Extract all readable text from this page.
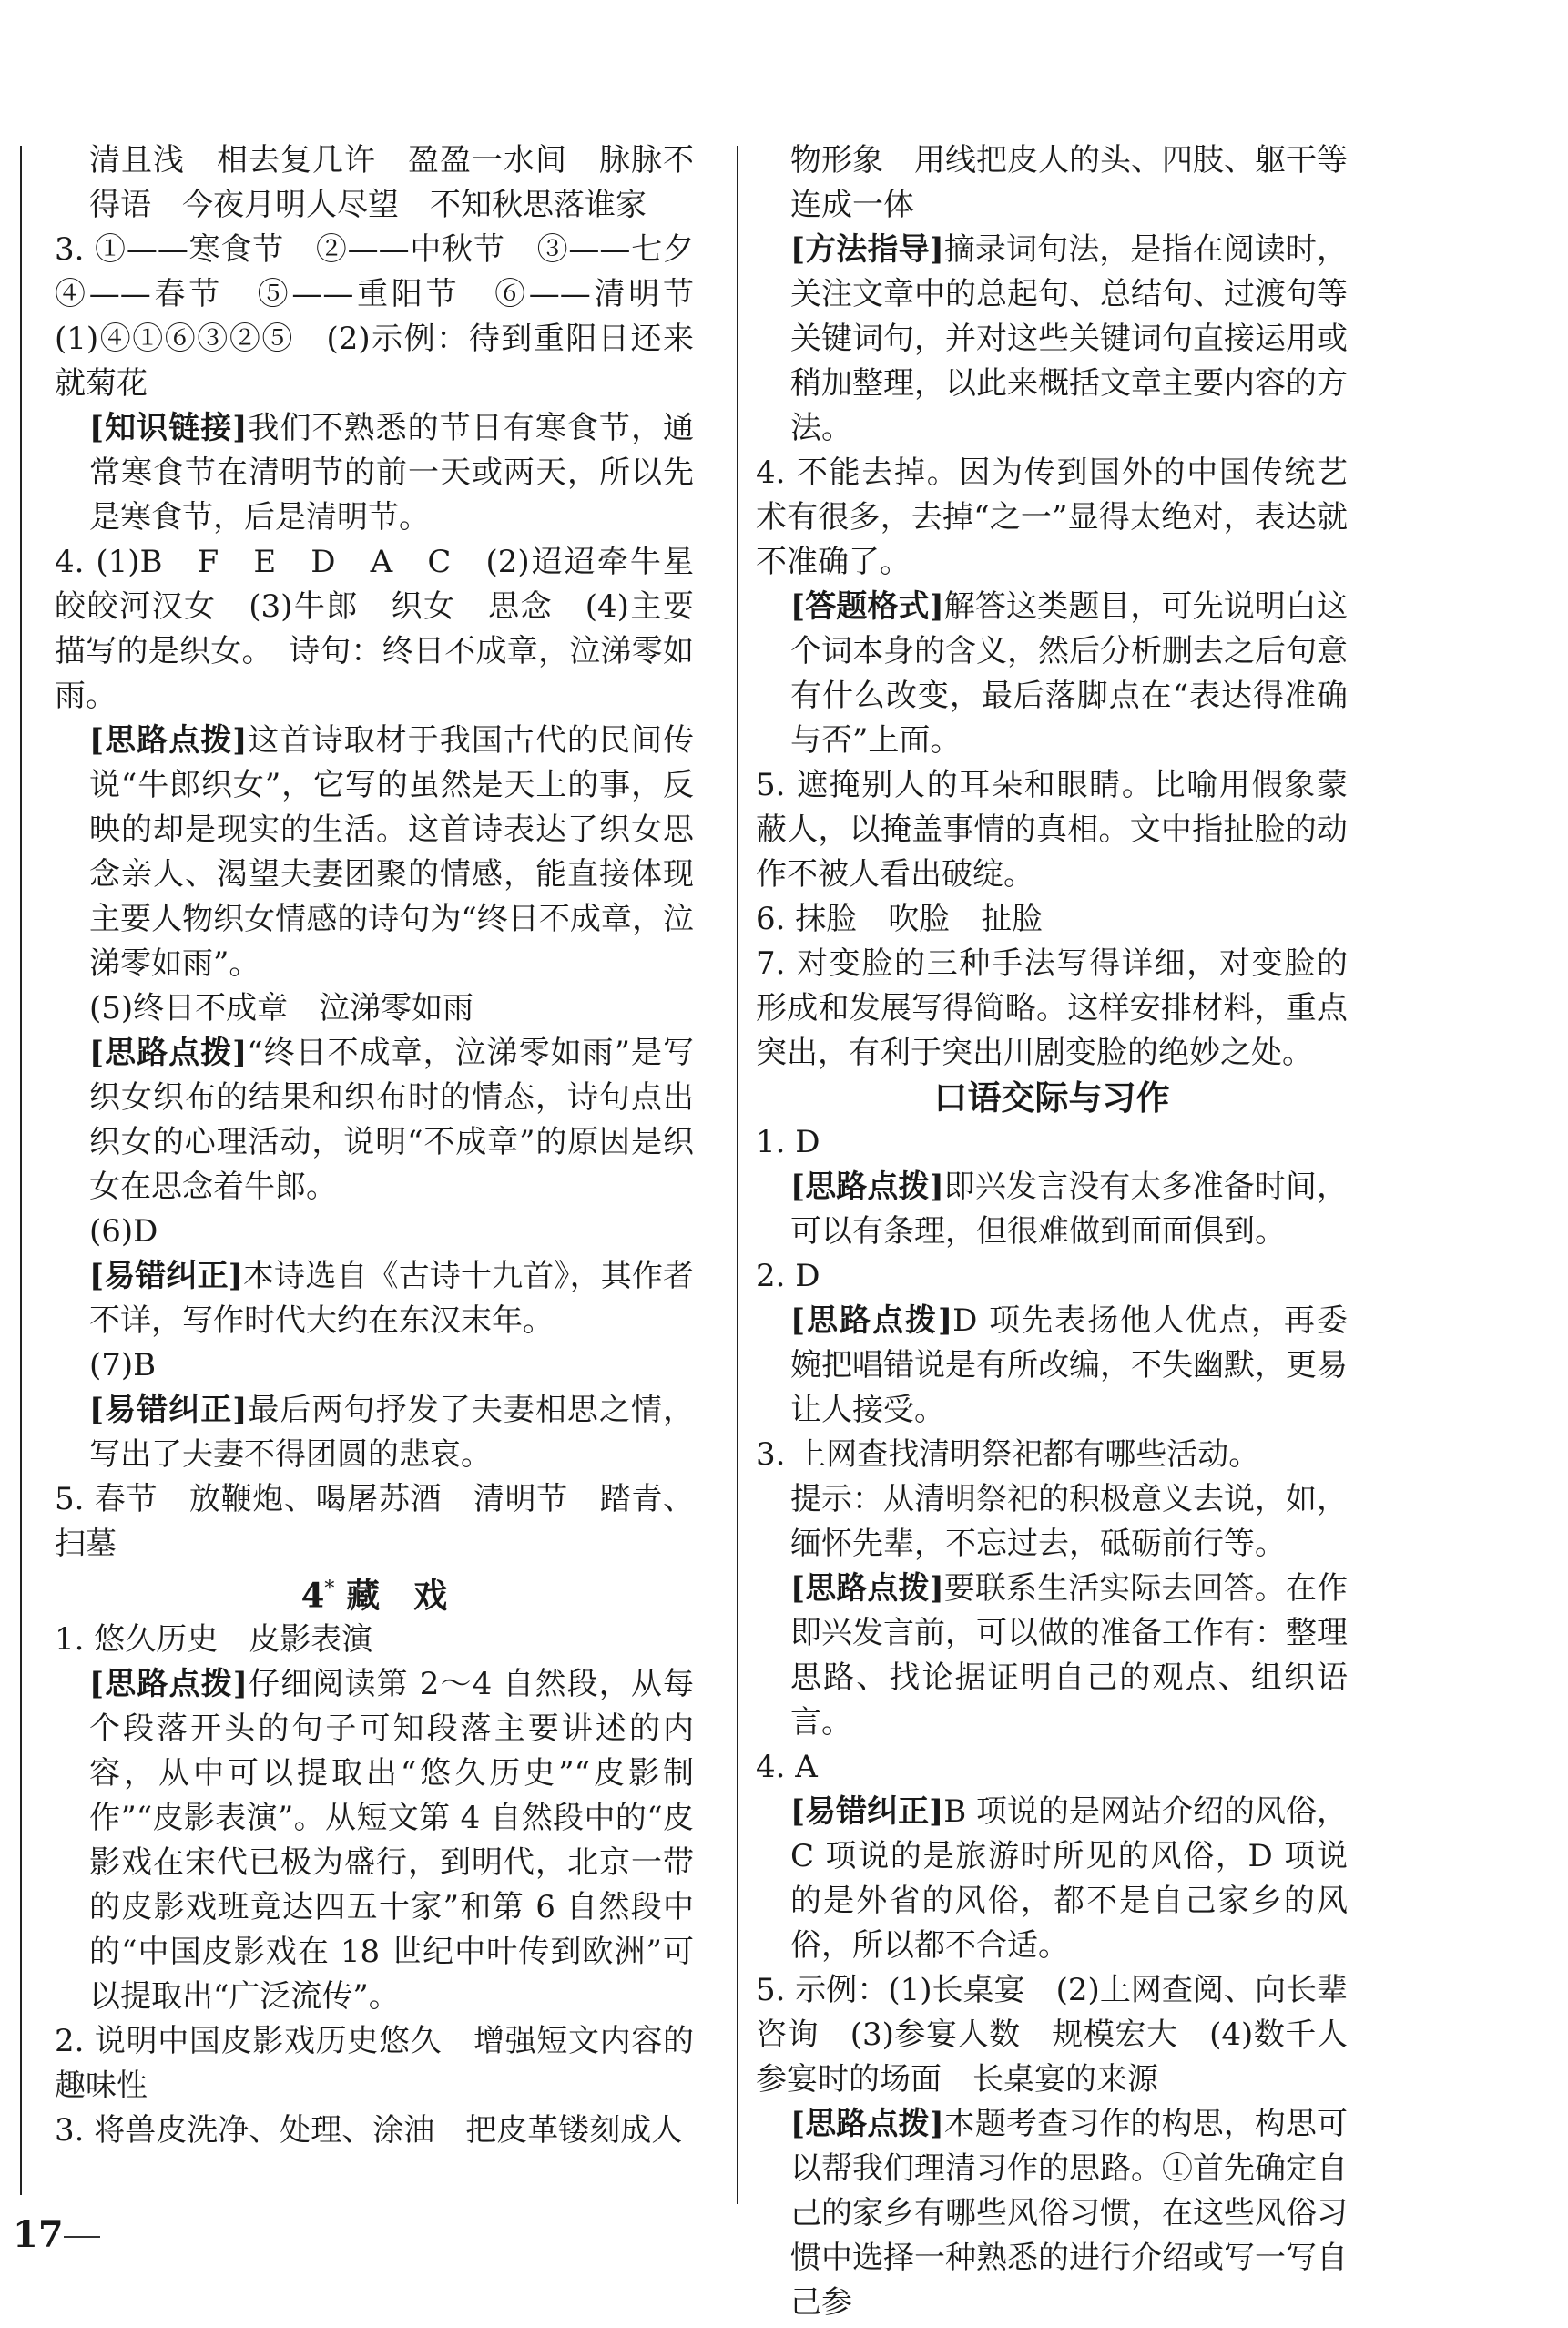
清且浅　相去复几许　盈盈一水间　脉脉不得语　今夜月明人尽望　不知秋思落谁家
3. ①——寒食节　②——中秋节　③——七夕　④——春节　⑤——重阳节　⑥——清明节　(1)④①⑥③②⑤　(2)示例：待到重阳日还来就菊花
[知识链接]我们不熟悉的节日有寒食节，通常寒食节在清明节的前一天或两天，所以先是寒食节，后是清明节。
4. (1)B　F　E　D　A　C　(2)迢迢牵牛星　皎皎河汉女　(3)牛郎　织女　思念　(4)主要描写的是织女。　诗句：终日不成章，泣涕零如雨。
[思路点拨]这首诗取材于我国古代的民间传说“牛郎织女”，它写的虽然是天上的事，反映的却是现实的生活。这首诗表达了织女思念亲人、渴望夫妻团聚的情感，能直接体现主要人物织女情感的诗句为“终日不成章，泣涕零如雨”。
(5)终日不成章　泣涕零如雨
[思路点拨]“终日不成章，泣涕零如雨”是写织女织布的结果和织布时的情态，诗句点出织女的心理活动，说明“不成章”的原因是织女在思念着牛郎。
(6)D
[易错纠正]本诗选自《古诗十九首》，其作者不详，写作时代大约在东汉末年。
(7)B
[易错纠正]最后两句抒发了夫妻相思之情，写出了夫妻不得团圆的悲哀。
5. 春节　放鞭炮、喝屠苏酒　清明节　踏青、扫墓
4* 藏　戏
1. 悠久历史　皮影表演
[思路点拨]仔细阅读第 2～4 自然段，从每个段落开头的句子可知段落主要讲述的内容，从中可以提取出“悠久历史”“皮影制作”“皮影表演”。从短文第 4 自然段中的“皮影戏在宋代已极为盛行，到明代，北京一带的皮影戏班竟达四五十家”和第 6 自然段中的“中国皮影戏在 18 世纪中叶传到欧洲”可以提取出“广泛流传”。
2. 说明中国皮影戏历史悠久　增强短文内容的趣味性
3. 将兽皮洗净、处理、涂油　把皮革镂刻成人
物形象　用线把皮人的头、四肢、躯干等连成一体
[方法指导]摘录词句法，是指在阅读时，关注文章中的总起句、总结句、过渡句等关键词句，并对这些关键词句直接运用或稍加整理，以此来概括文章主要内容的方法。
4. 不能去掉。因为传到国外的中国传统艺术有很多，去掉“之一”显得太绝对，表达就不准确了。
[答题格式]解答这类题目，可先说明白这个词本身的含义，然后分析删去之后句意有什么改变，最后落脚点在“表达得准确与否”上面。
5. 遮掩别人的耳朵和眼睛。比喻用假象蒙蔽人，以掩盖事情的真相。文中指扯脸的动作不被人看出破绽。
6. 抹脸　吹脸　扯脸
7. 对变脸的三种手法写得详细，对变脸的形成和发展写得简略。这样安排材料，重点突出，有利于突出川剧变脸的绝妙之处。
口语交际与习作
1. D
[思路点拨]即兴发言没有太多准备时间，可以有条理，但很难做到面面俱到。
2. D
[思路点拨]D 项先表扬他人优点，再委婉把唱错说是有所改编，不失幽默，更易让人接受。
3. 上网查找清明祭祀都有哪些活动。
提示：从清明祭祀的积极意义去说，如，缅怀先辈，不忘过去，砥砺前行等。
[思路点拨]要联系生活实际去回答。在作即兴发言前，可以做的准备工作有：整理思路、找论据证明自己的观点、组织语言。
4. A
[易错纠正]B 项说的是网站介绍的风俗，C 项说的是旅游时所见的风俗，D 项说的是外省的风俗，都不是自己家乡的风俗，所以都不合适。
5. 示例：(1)长桌宴　(2)上网查阅、向长辈咨询　(3)参宴人数　规模宏大　(4)数千人参宴时的场面　长桌宴的来源
[思路点拨]本题考查习作的构思，构思可以帮我们理清习作的思路。①首先确定自己的家乡有哪些风俗习惯，在这些风俗习惯中选择一种熟悉的进行介绍或写一写自己参
17
